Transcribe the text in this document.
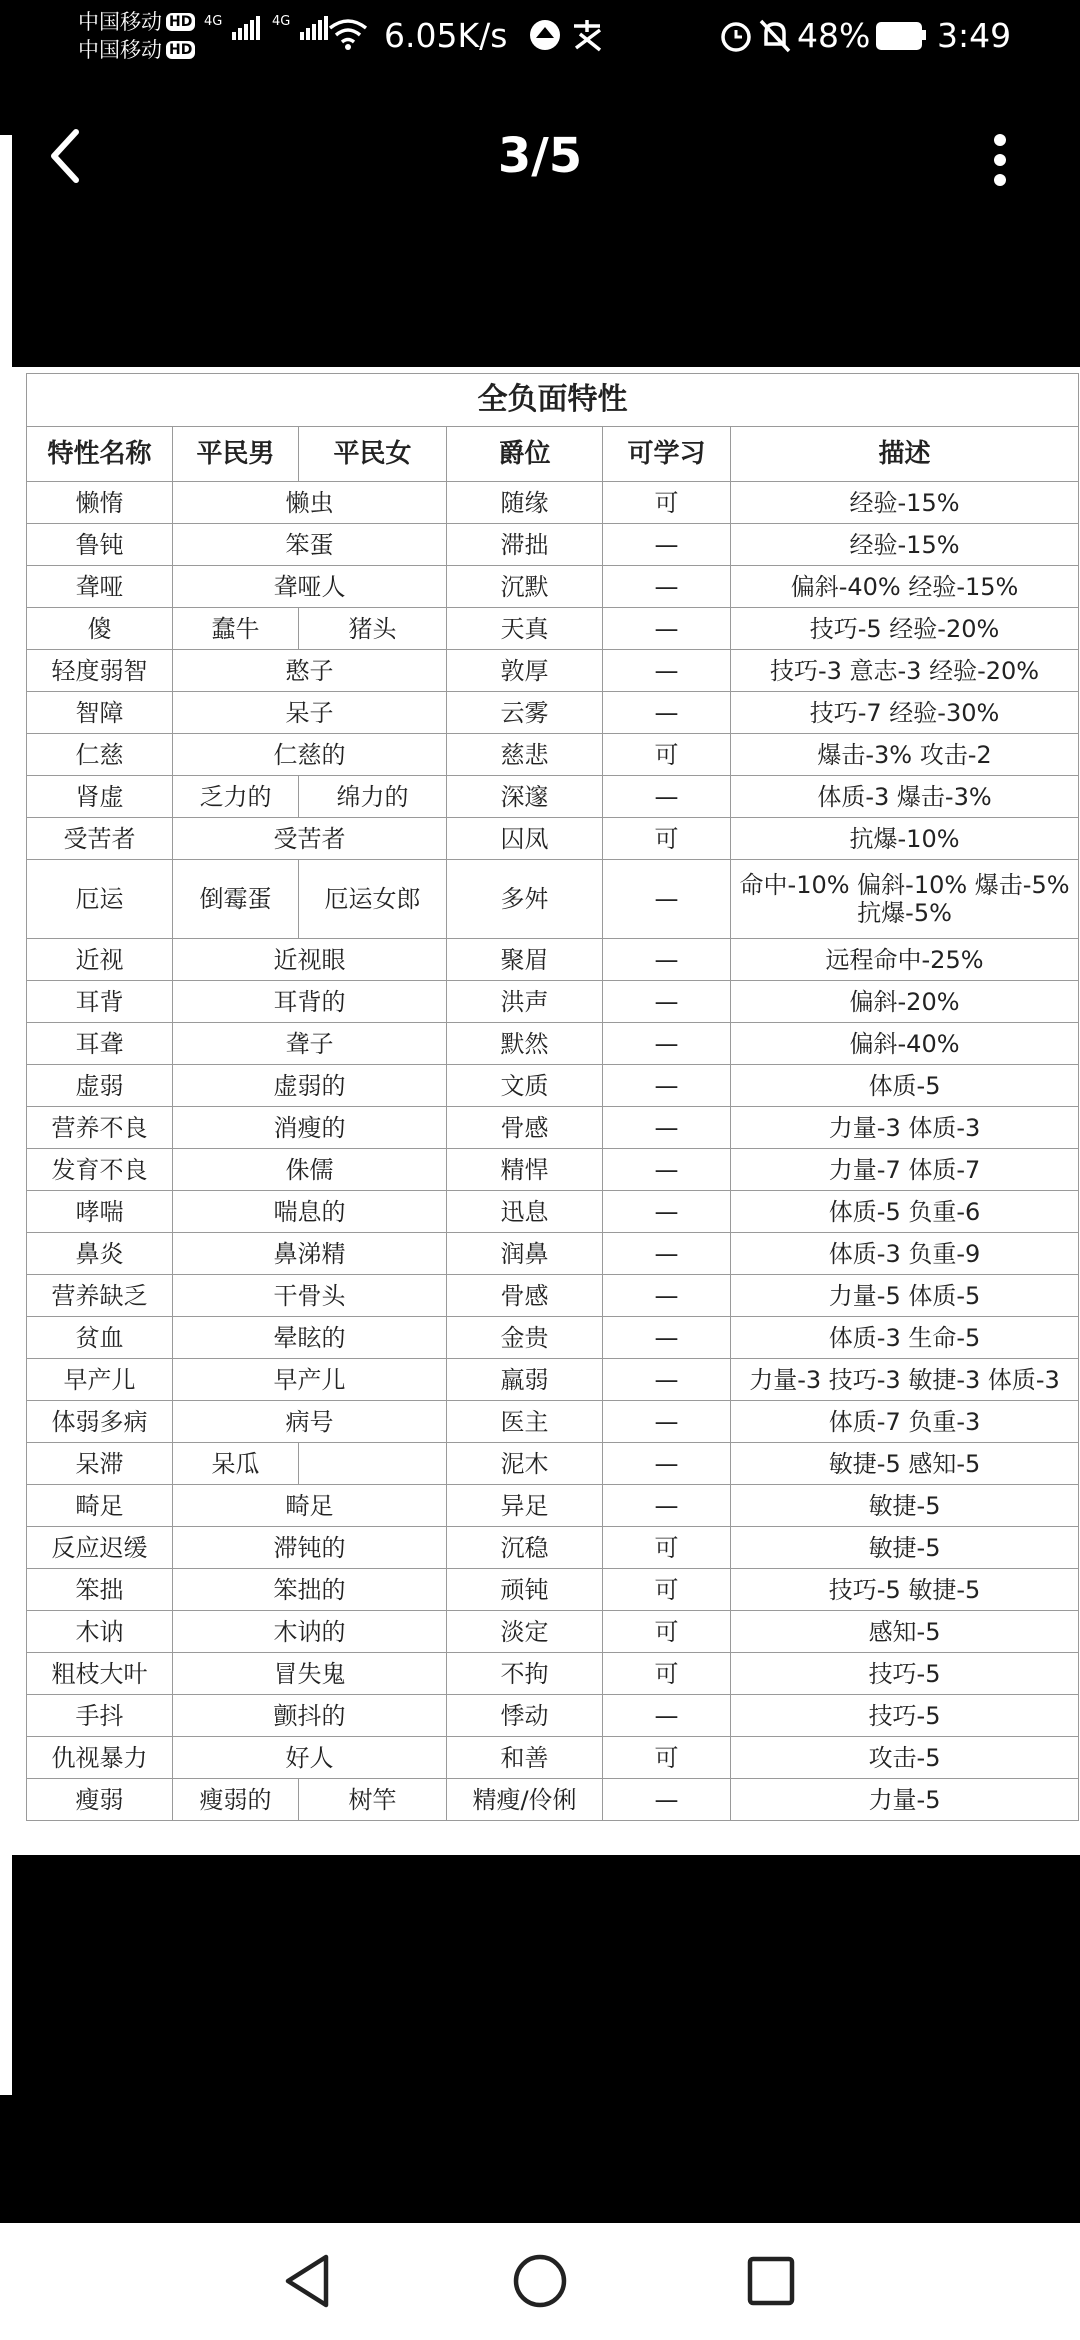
中国移动 HD
中国移动 HD
4G	4G	6.05K/s	48% 3:49
3/5
全负面特性					
特性名称	平民男	平民女	爵位	可学习	描述
懒惰	懒虫		随缘	可	经验-15%
鲁钝	笨蛋		滞拙	—	经验-15%
聋哑	聋哑人		沉默	—	偏斜-40% 经验-15%
傻	蠢牛	猪头	天真	—	技巧-5 经验-20%
轻度弱智	憨子		敦厚	—	技巧-3 意志-3 经验-20%
智障	呆子		云雾	—	技巧-7 经验-30%
仁慈	仁慈的		慈悲	可	爆击-3% 攻击-2
肾虚	乏力的	绵力的	深邃	—	体质-3 爆击-3%
受苦者	受苦者		囚凤	可	抗爆-10%
厄运	倒霉蛋	厄运女郎	多舛	—	命中-10% 偏斜-10% 爆击-5% 抗爆-5%
近视	近视眼		聚眉	—	远程命中-25%
耳背	耳背的		洪声	—	偏斜-20%
耳聋	聋子		默然	—	偏斜-40%
虚弱	虚弱的		文质	—	体质-5
营养不良	消瘦的		骨感	—	力量-3 体质-3
发育不良	侏儒		精悍	—	力量-7 体质-7
哮喘	喘息的		迅息	—	体质-5 负重-6
鼻炎	鼻涕精		润鼻	—	体质-3 负重-9
营养缺乏	干骨头		骨感	—	力量-5 体质-5
贫血	晕眩的		金贵	—	体质-3 生命-5
早产儿	早产儿		羸弱	—	力量-3 技巧-3 敏捷-3 体质-3
体弱多病	病号		医主	—	体质-7 负重-3
呆滞	呆瓜		泥木	—	敏捷-5 感知-5
畸足	畸足		异足	—	敏捷-5
反应迟缓	滞钝的		沉稳	可	敏捷-5
笨拙	笨拙的		顽钝	可	技巧-5 敏捷-5
木讷	木讷的		淡定	可	感知-5
粗枝大叶	冒失鬼		不拘	可	技巧-5
手抖	颤抖的		悸动	—	技巧-5
仇视暴力	好人		和善	可	攻击-5
瘦弱	瘦弱的	树竿	精瘦/伶俐	—	力量-5
